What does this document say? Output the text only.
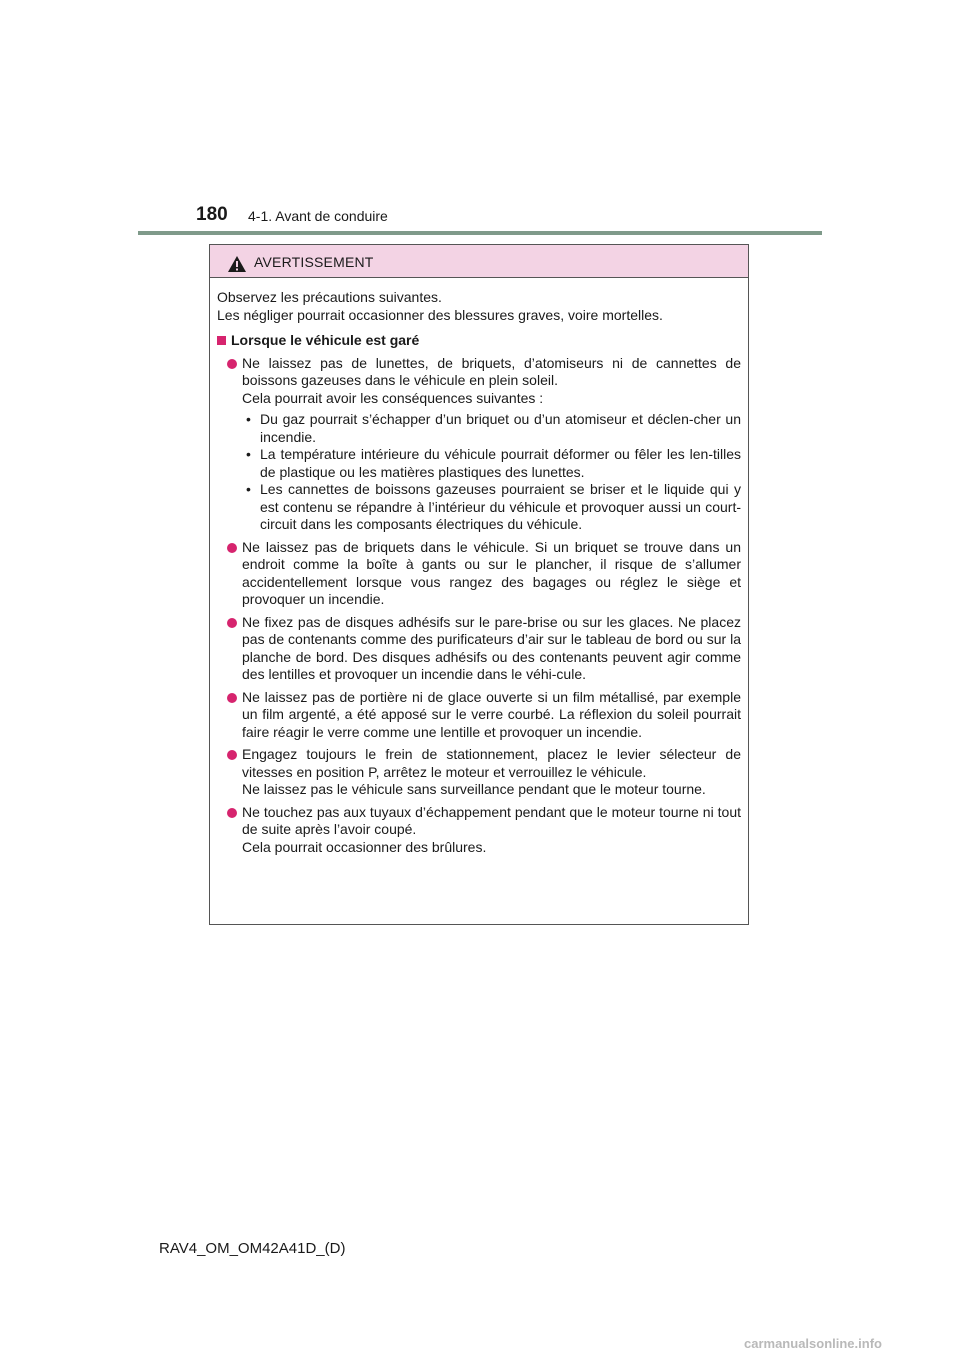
180 4-1. Avant de conduire
AVERTISSEMENT

Observez les précautions suivantes.

Les négliger pourrait occasionner des blessures graves, voire mortelles.

Lorsque le véhicule est garé

Ne laissez pas de lunettes, de briquets, d’atomiseurs ni de cannettes de boissons gazeuses dans le véhicule en plein soleil.

Cela pourrait avoir les conséquences suivantes :

• Du gaz pourrait s’échapper d’un briquet ou d’un atomiseur et déclen-cher un incendie.
• La température intérieure du véhicule pourrait déformer ou fêler les len-tilles de plastique ou les matières plastiques des lunettes.
• Les cannettes de boissons gazeuses pourraient se briser et le liquide qui y est contenu se répandre à l’intérieur du véhicule et provoquer aussi un court-circuit dans les composants électriques du véhicule.

Ne laissez pas de briquets dans le véhicule. Si un briquet se trouve dans un endroit comme la boîte à gants ou sur le plancher, il risque de s’allumer accidentellement lorsque vous rangez des bagages ou réglez le siège et provoquer un incendie.

Ne fixez pas de disques adhésifs sur le pare-brise ou sur les glaces. Ne placez pas de contenants comme des purificateurs d’air sur le tableau de bord ou sur la planche de bord. Des disques adhésifs ou des contenants peuvent agir comme des lentilles et provoquer un incendie dans le véhi-cule.

Ne laissez pas de portière ni de glace ouverte si un film métallisé, par exemple un film argenté, a été apposé sur le verre courbé. La réflexion du soleil pourrait faire réagir le verre comme une lentille et provoquer un incendie.

Engagez toujours le frein de stationnement, placez le levier sélecteur de vitesses en position P, arrêtez le moteur et verrouillez le véhicule.

Ne laissez pas le véhicule sans surveillance pendant que le moteur tourne.

Ne touchez pas aux tuyaux d’échappement pendant que le moteur tourne ni tout de suite après l’avoir coupé.

Cela pourrait occasionner des brûlures.

RAV4_OM_OM42A41D_(D)
carmanualsonline.info
